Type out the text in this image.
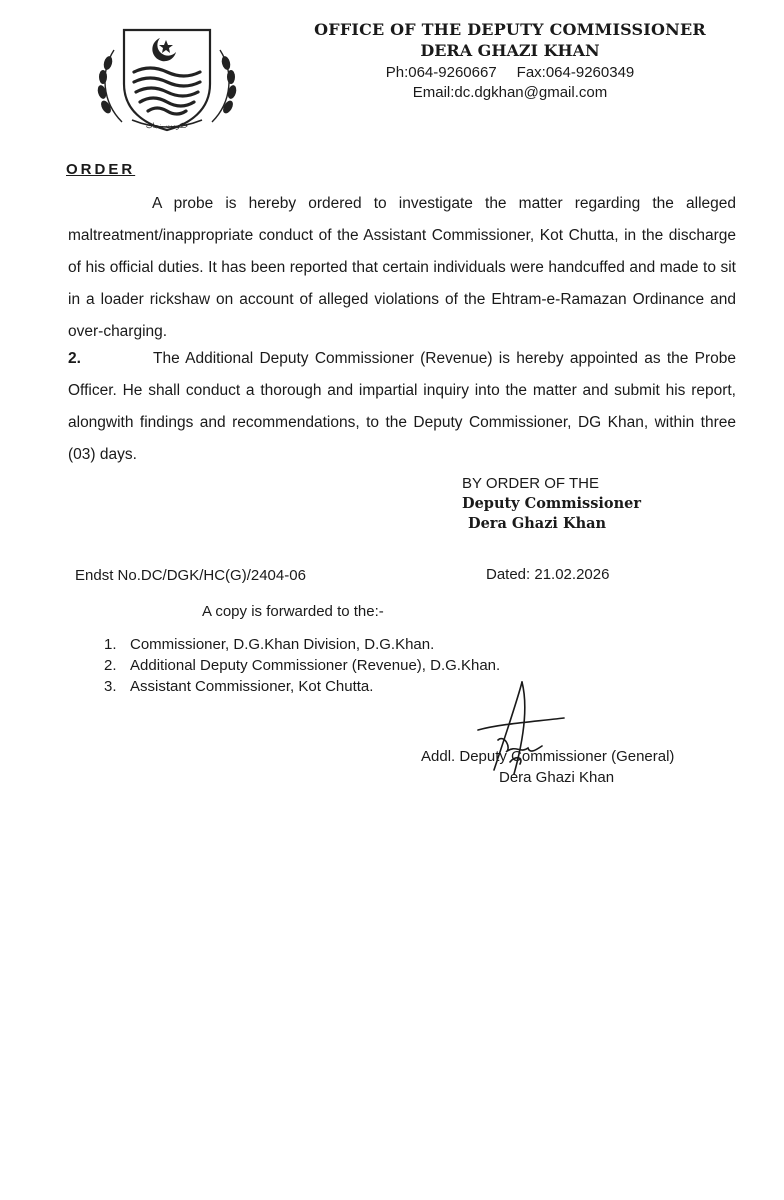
حکومت پنجاب
OFFICE OF THE DEPUTY COMMISSIONER
DERA GHAZI KHAN
Ph:064-9260667 Fax:064-9260349
Email:dc.dgkhan@gmail.com
ORDER
A probe is hereby ordered to investigate the matter regarding the alleged maltreatment/inappropriate conduct of the Assistant Commissioner, Kot Chutta, in the discharge of his official duties. It has been reported that certain individuals were handcuffed and made to sit in a loader rickshaw on account of alleged violations of the Ehtram-e-Ramazan Ordinance and over-charging.
2.	The Additional Deputy Commissioner (Revenue) is hereby appointed as the Probe Officer. He shall conduct a thorough and impartial inquiry into the matter and submit his report, alongwith findings and recommendations, to the Deputy Commissioner, DG Khan, within three (03) days.
BY ORDER OF THE
Deputy Commissioner
Dera Ghazi Khan
Endst No.DC/DGK/HC(G)/2404-06	Dated: 21.02.2026
A copy is forwarded to the:-
1. Commissioner, D.G.Khan Division, D.G.Khan.
2. Additional Deputy Commissioner (Revenue), D.G.Khan.
3. Assistant Commissioner, Kot Chutta.
Addl. Deputy Commissioner (General)
Dera Ghazi Khan
